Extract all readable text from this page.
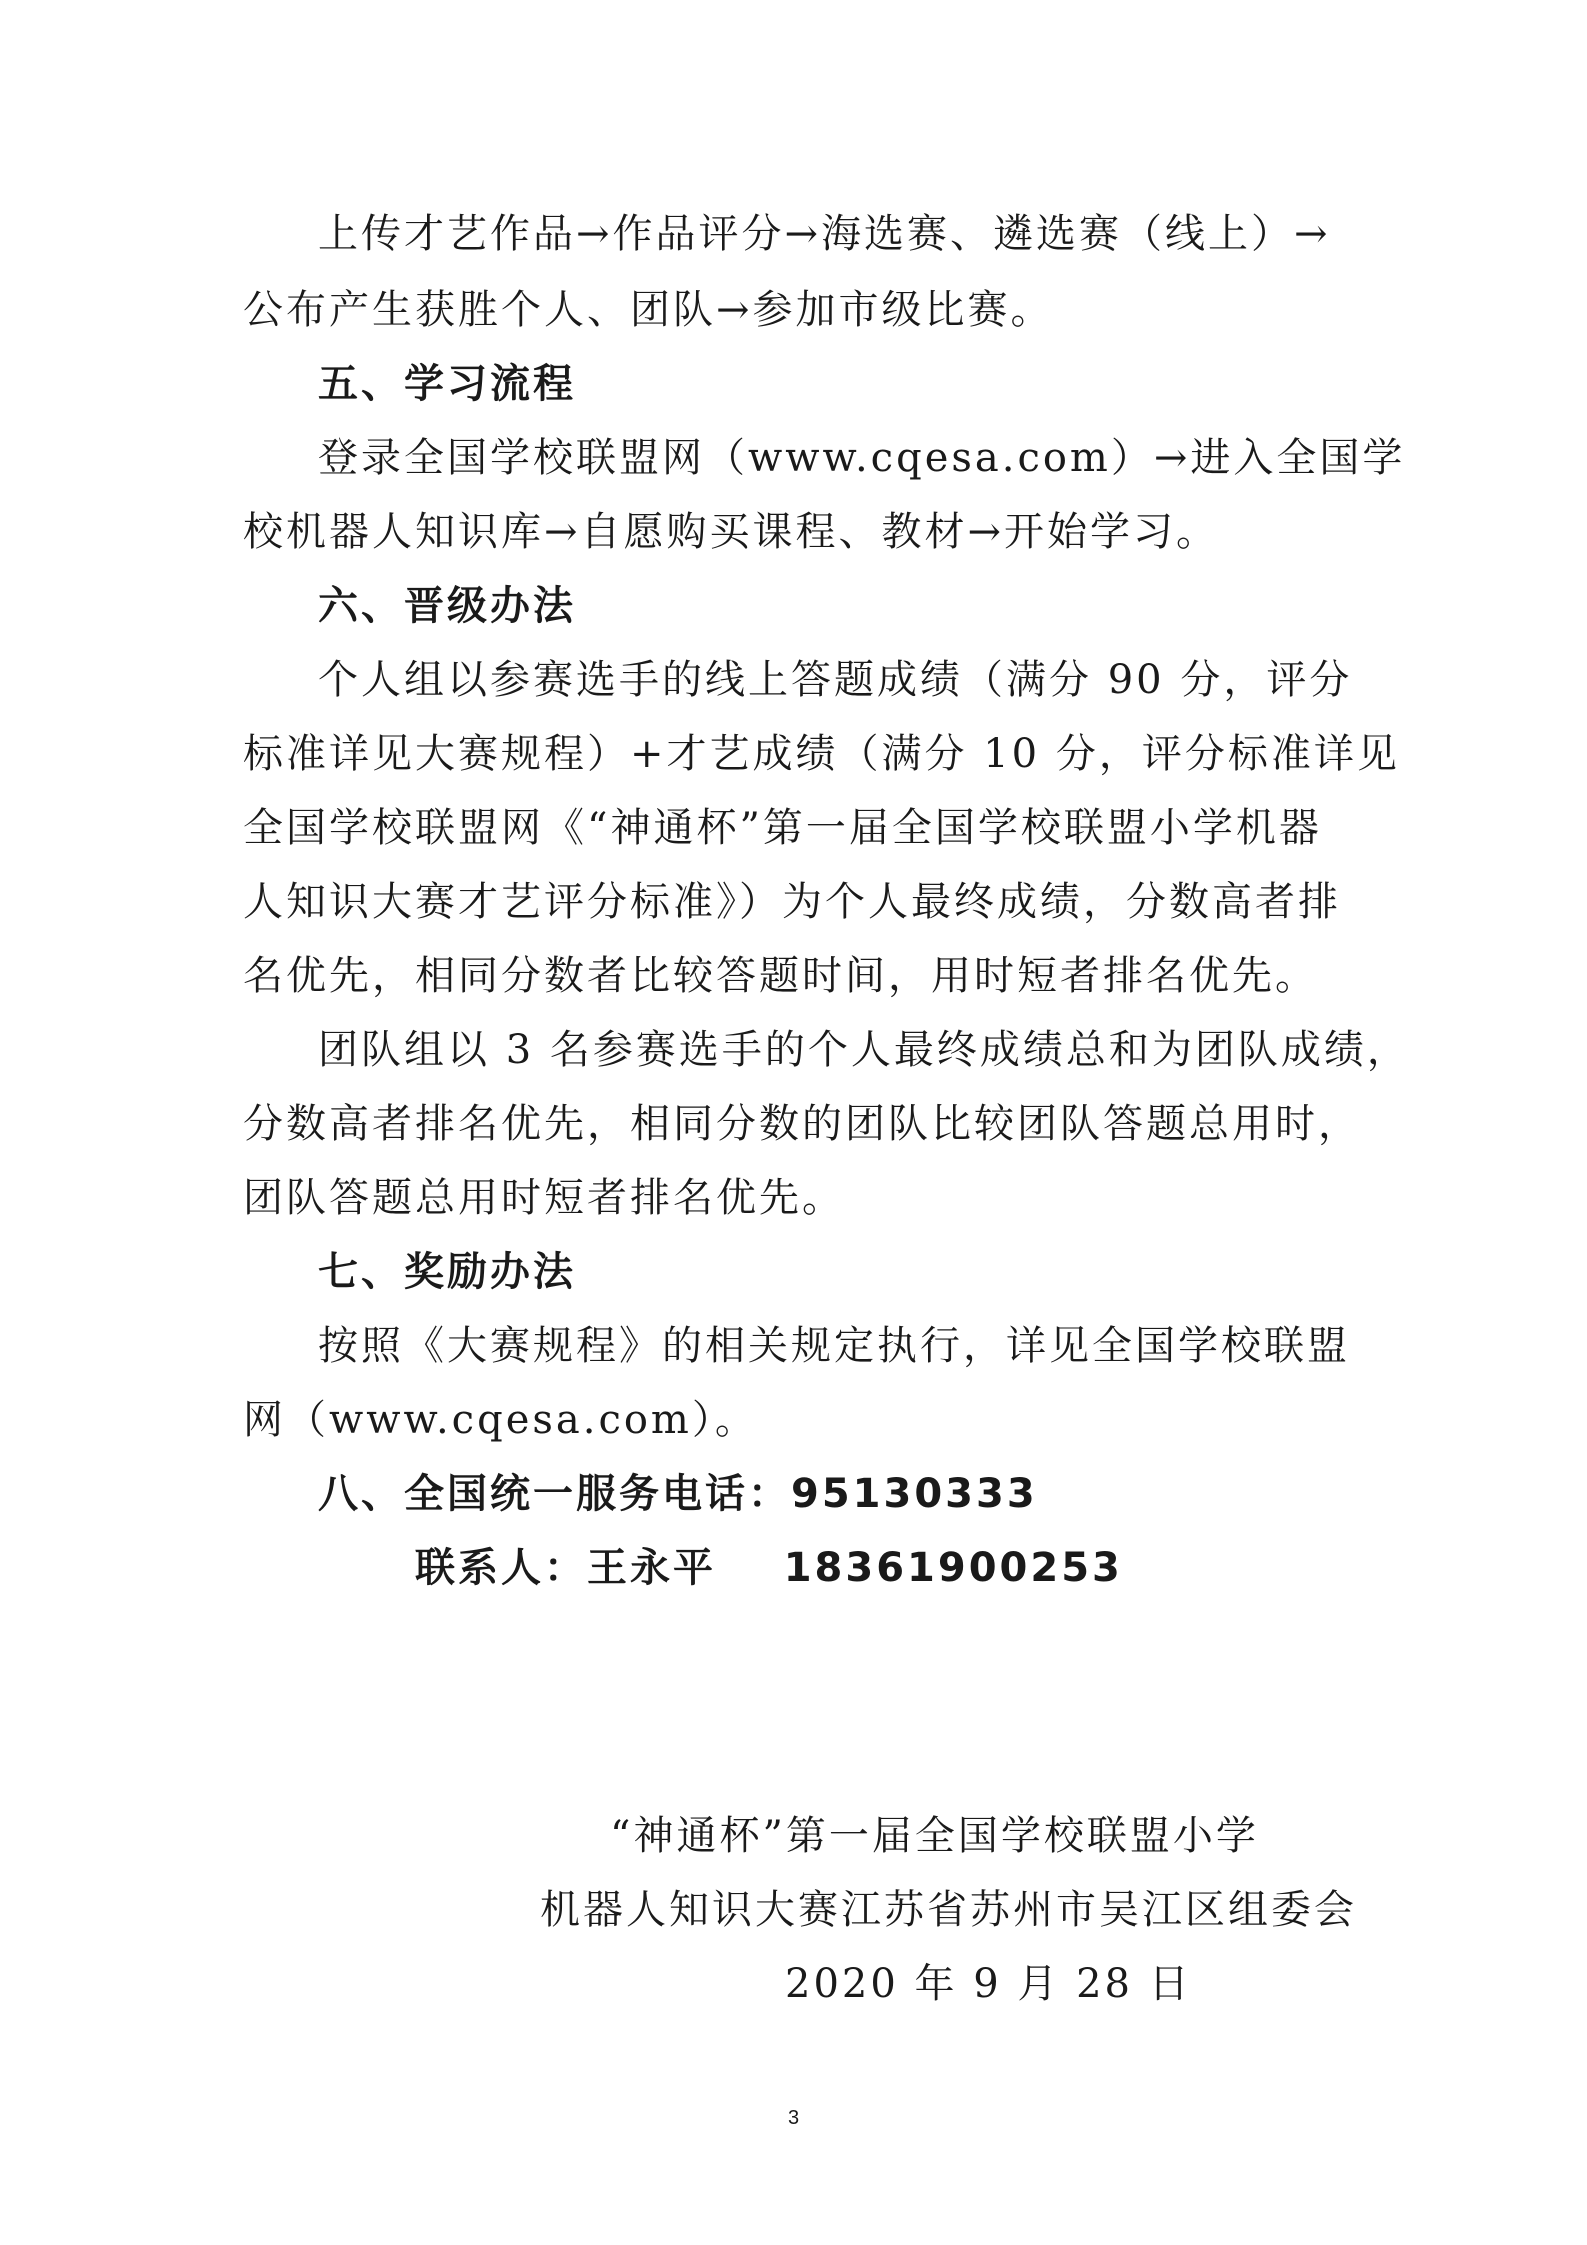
上传才艺作品→作品评分→海选赛、遴选赛（线上）→
公布产生获胜个人、团队→参加市级比赛。
五、学习流程
登录全国学校联盟网（www.cqesa.com）→进入全国学
校机器人知识库→自愿购买课程、教材→开始学习。
六、晋级办法
个人组以参赛选手的线上答题成绩（满分 90 分，评分
标准详见大赛规程）+才艺成绩（满分 10 分，评分标准详见
全国学校联盟网《“神通杯”第一届全国学校联盟小学机器
人知识大赛才艺评分标准》）为个人最终成绩，分数高者排
名优先，相同分数者比较答题时间，用时短者排名优先。
团队组以 3 名参赛选手的个人最终成绩总和为团队成绩，
分数高者排名优先，相同分数的团队比较团队答题总用时，
团队答题总用时短者排名优先。
七、奖励办法
按照《大赛规程》的相关规定执行，详见全国学校联盟
网（www.cqesa.com）。
八、全国统一服务电话：95130333
联系人：王永平    18361900253
“神通杯”第一届全国学校联盟小学
机器人知识大赛江苏省苏州市吴江区组委会
2020 年 9 月 28 日
3
